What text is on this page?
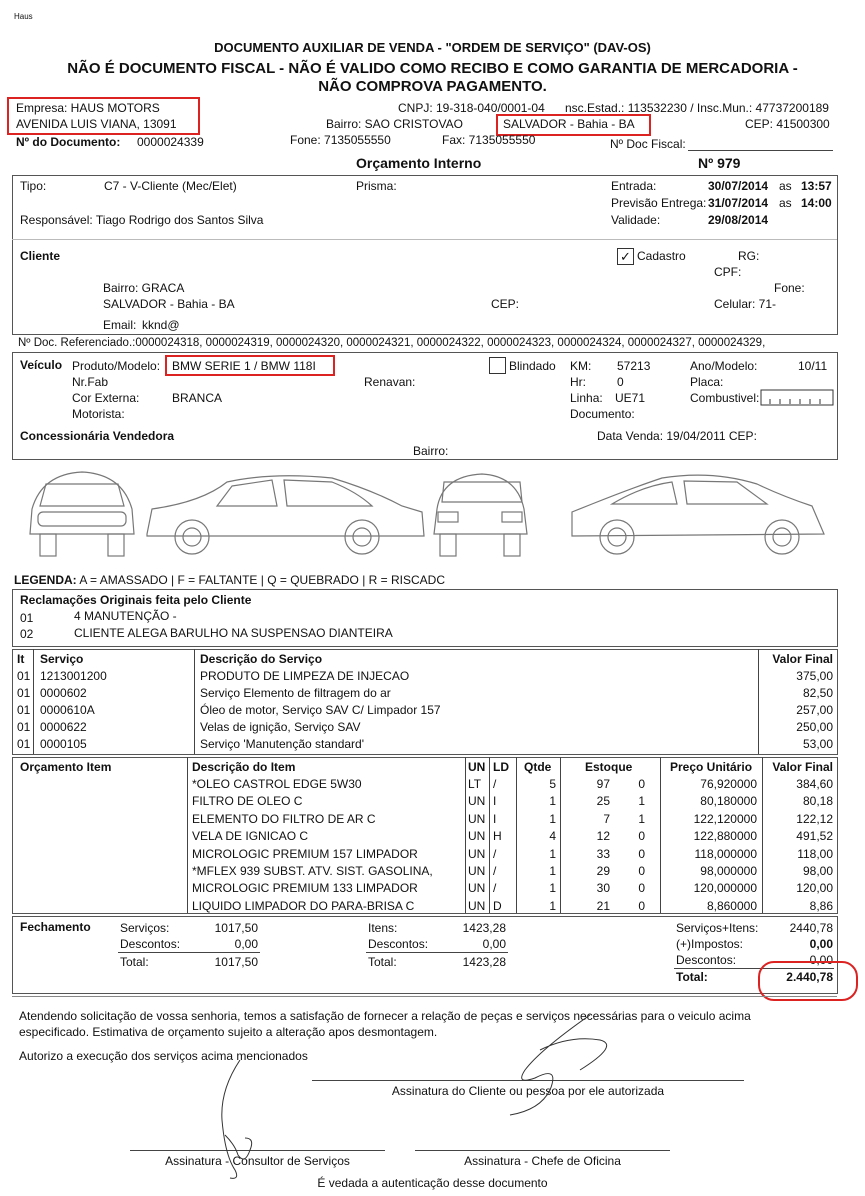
Haus
DOCUMENTO AUXILIAR DE VENDA - "ORDEM DE SERVIÇO" (DAV-OS)
NÃO É DOCUMENTO FISCAL - NÃO É VALIDO COMO RECIBO E COMO GARANTIA DE MERCADORIA -
NÃO COMPROVA PAGAMENTO.
Empresa: HAUS MOTORS
AVENIDA LUIS VIANA, 13091
CNPJ: 19-318-040/0001-04 nsc.Estad.: 113532230 / Insc.Mun.: 47737200189
Bairro: SAO CRISTOVAO	SALVADOR - Bahia - BA	CEP: 41500300
Nº do Documento: 0000024339	Fone: 7135055550	Fax: 7135055550	Nº Doc Fiscal:
Orçamento Interno	Nº 979
Tipo:	C7 - V-Cliente (Mec/Elet)	Prisma:
Responsável: Tiago Rodrigo dos Santos Silva
Entrada:	30/07/2014 as 13:57
Previsão Entrega: 31/07/2014 as 14:00
Validade:	29/08/2014
Cliente	✓ Cadastro	RG:
CPF:
Bairro: GRACA	Fone:
SALVADOR - Bahia - BA	CEP:	Celular: 71-
Email: kknd@
Nº Doc. Referenciado.:0000024318, 0000024319, 0000024320, 0000024321, 0000024322, 0000024323, 0000024324, 0000024327, 0000024329,
Veículo Produto/Modelo: BMW SERIE 1 / BMW 118I	Blindado KM: 57213	Ano/Modelo:	10/11
Nr.Fab	Renavan:	Hr:	0	Placa:
Cor Externa:	BRANCA	Linha: UE71	Combustivel:
Motorista:	Documento:
Concessionária Vendedora	Data Venda: 19/04/2011 CEP:
Bairro:
LEGENDA: A = AMASSADO | F = FALTANTE | Q = QUEBRADO | R = RISCADC
Reclamações Originais feita pelo Cliente
01	4 MANUTENÇÃO -
02	CLIENTE ALEGA BARULHO NA SUSPENSAO DIANTEIRA
It Serviço	Descrição do Serviço	Valor Final
01 1213001200	PRODUTO DE LIMPEZA DE INJECAO	375,00
01 0000602	Serviço Elemento de filtragem do ar	82,50
01 0000610A	Óleo de motor, Serviço SAV C/ Limpador 157	257,00
01 0000622	Velas de ignição, Serviço SAV	250,00
01 0000105	Serviço 'Manutenção standard'	53,00
Orçamento Item	Descrição do Item	UN LD Qtde	Estoque	Preço Unitário	Valor Final
*OLEO CASTROL EDGE 5W30	LT /	5	97	0	76,920000	384,60
FILTRO DE OLEO C	UN I	1	25	1	80,180000	80,18
ELEMENTO DO FILTRO DE AR C	UN I	1	7	1	122,120000	122,12
VELA DE IGNICAO C	UN H	4	12	0	122,880000	491,52
MICROLOGIC PREMIUM 157 LIMPADOR	UN /	1	33	0	118,000000	118,00
*MFLEX 939 SUBST. ATV. SIST. GASOLINA,	UN /	1	29	0	98,000000	98,00
MICROLOGIC PREMIUM 133 LIMPADOR	UN /	1	30	0	120,000000	120,00
LIQUIDO LIMPADOR DO PARA-BRISA C	UN D	1	21	0	8,860000	8,86
Fechamento Serviços:	1017,50
Descontos:	0,00
Total:	1017,50
Itens:	1423,28
Descontos:	0,00
Total:	1423,28
Serviços+Itens:	2440,78
(+)Impostos:	0,00
Descontos:	0,00
Total:	2.440,78
Atendendo solicitação de vossa senhoria, temos a satisfação de fornecer a relação de peças e serviços necessárias para o veiculo acima
especificado. Estimativa de orçamento sujeito a alteração apos desmontagem.
Autorizo a execução dos serviços acima mencionados
Assinatura do Cliente ou pessoa por ele autorizada
Assinatura - Consultor de Serviços	Assinatura - Chefe de Oficina
É vedada a autenticação desse documento
